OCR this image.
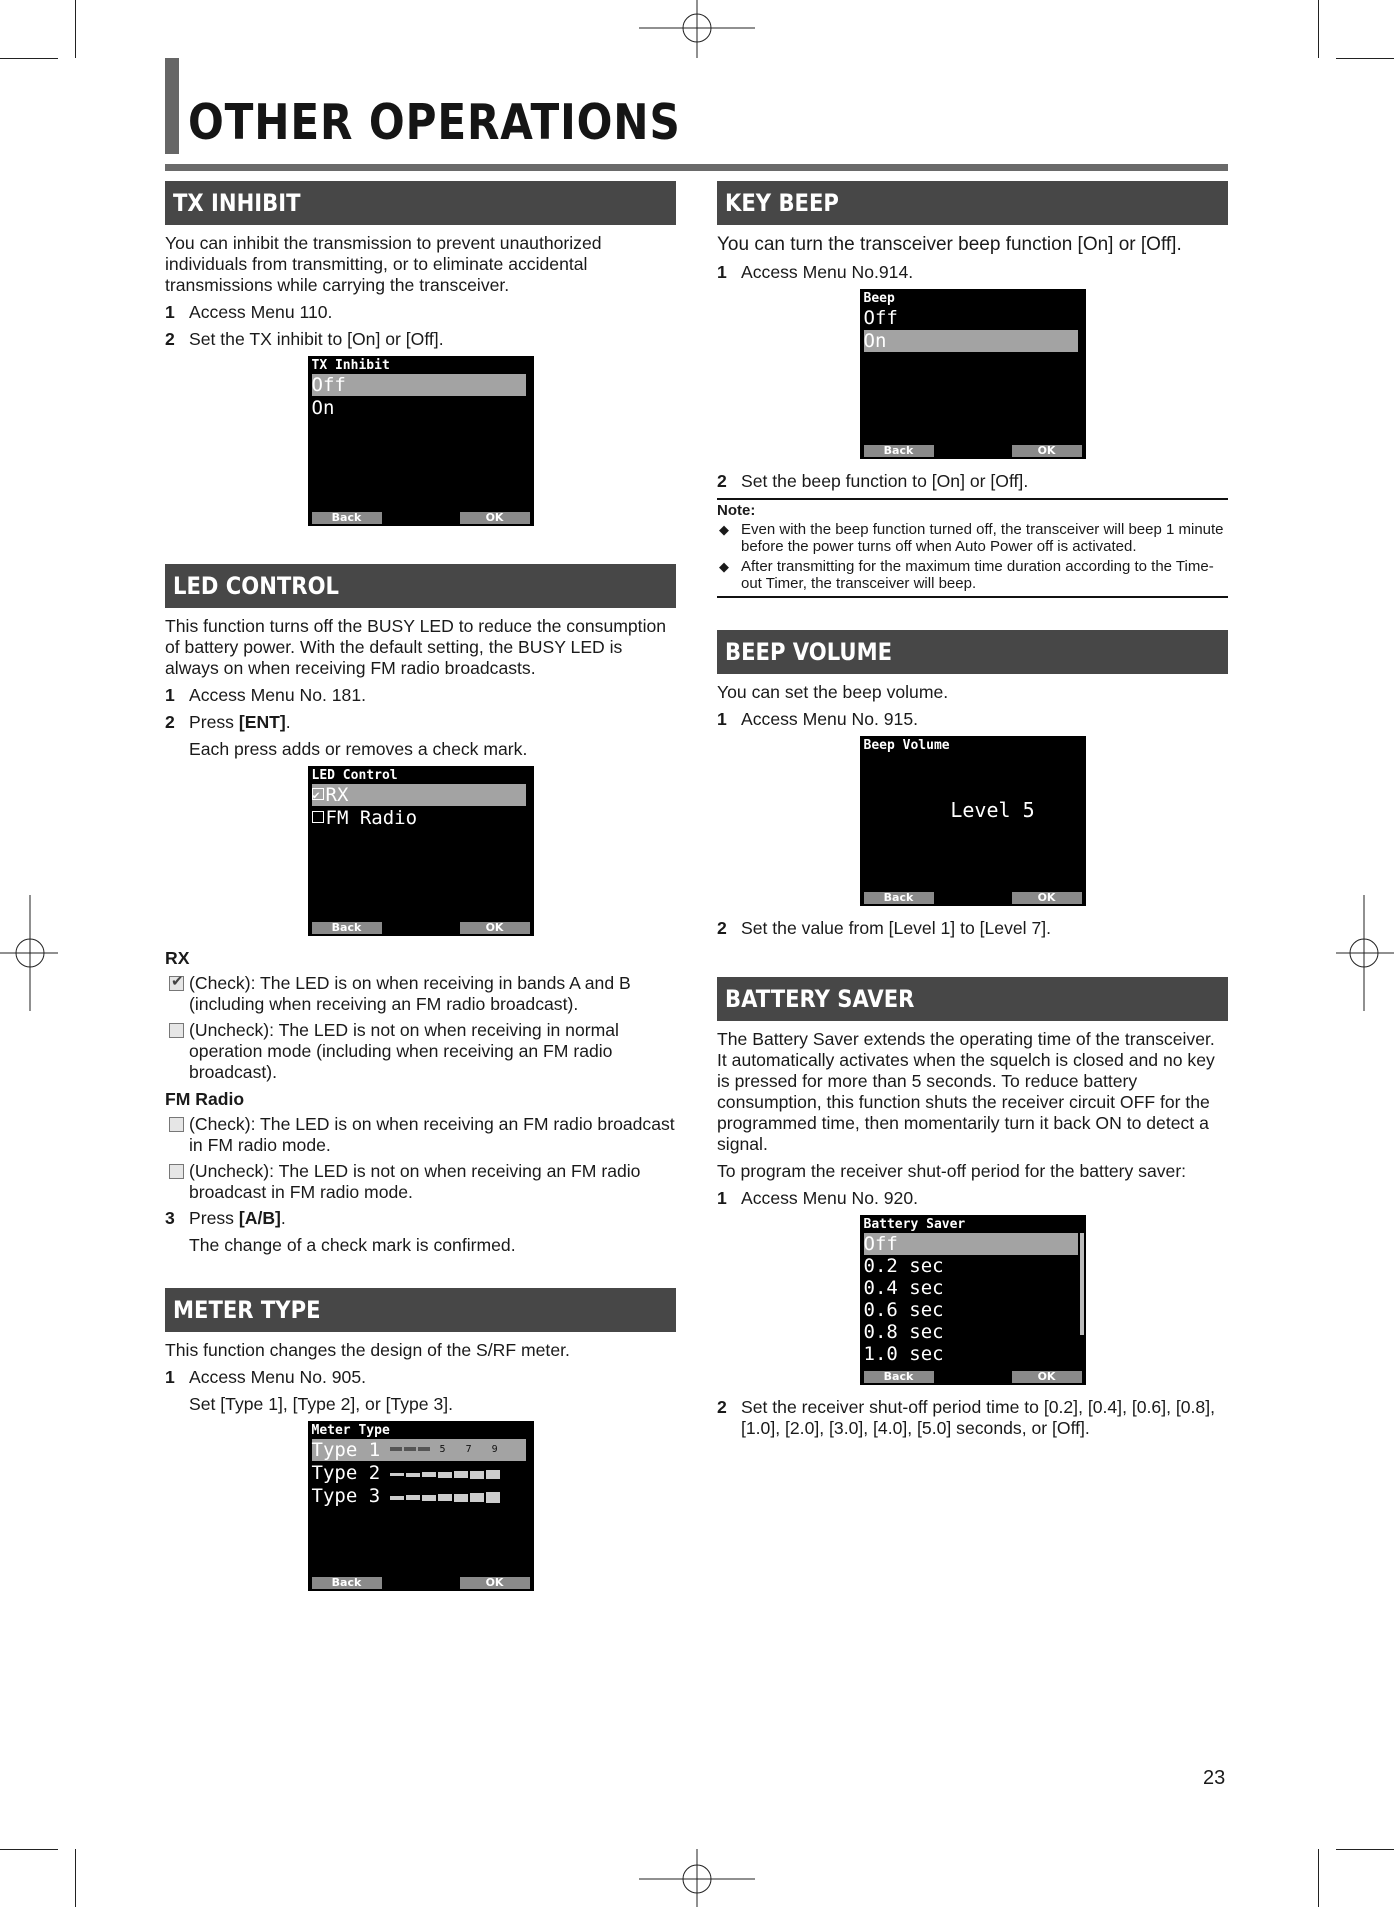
OTHER OPERATIONS
TX INHIBIT

You can inhibit the transmission to prevent unauthorized individuals from transmitting, or to eliminate accidental transmissions while carrying the transceiver.

1 Access Menu 110.
2 Set the TX inhibit to [On] or [Off].
TX Inhibit
Off
On
Back	OK
LED CONTROL

This function turns off the BUSY LED to reduce the consumption of battery power. With the default setting, the BUSY LED is always on when receiving FM radio broadcasts.

1 Access Menu No. 181.
2 Press [ENT].
Each press adds or removes a check mark.
LED Control
✔RX
FM Radio
Back	OK
RX
✔
(Check): The LED is on when receiving in bands A and B (including when receiving an FM radio broadcast).
(Uncheck): The LED is not on when receiving in normal operation mode (including when receiving an FM radio broadcast).
FM Radio
(Check): The LED is on when receiving an FM radio broadcast in FM radio mode.
(Uncheck): The LED is not on when receiving an FM radio broadcast in FM radio mode.
3 Press [A/B].
The change of a check mark is confirmed.
METER TYPE

This function changes the design of the S/RF meter.

1 Access Menu No. 905.
Set [Type 1], [Type 2], or [Type 3].
Meter Type
Type 1	5 7 9
Type 2
Type 3
Back	OK
KEY BEEP

You can turn the transceiver beep function [On] or [Off].

1 Access Menu No.914.
Beep
Off
On
Back	OK
2 Set the beep function to [On] or [Off].
Note:
◆ Even with the beep function turned off, the transceiver will beep 1 minute before the power turns off when Auto Power off is activated.
◆ After transmitting for the maximum time duration according to the Time-out Timer, the transceiver will beep.
BEEP VOLUME

You can set the beep volume.

1 Access Menu No. 915.
Beep Volume
Level 5
Back	OK
2 Set the value from [Level 1] to [Level 7].
BATTERY SAVER

The Battery Saver extends the operating time of the transceiver. It automatically activates when the squelch is closed and no key is pressed for more than 5 seconds. To reduce battery consumption, this function shuts the receiver circuit OFF for the programmed time, then momentarily turn it back ON to detect a signal.

To program the receiver shut-off period for the battery saver:

1 Access Menu No. 920.
Battery Saver
Off
0.2 sec
0.4 sec
0.6 sec
0.8 sec
1.0 sec
Back	OK
2 Set the receiver shut-off period time to [0.2], [0.4], [0.6], [0.8], [1.0], [2.0], [3.0], [4.0], [5.0] seconds, or [Off].
23
